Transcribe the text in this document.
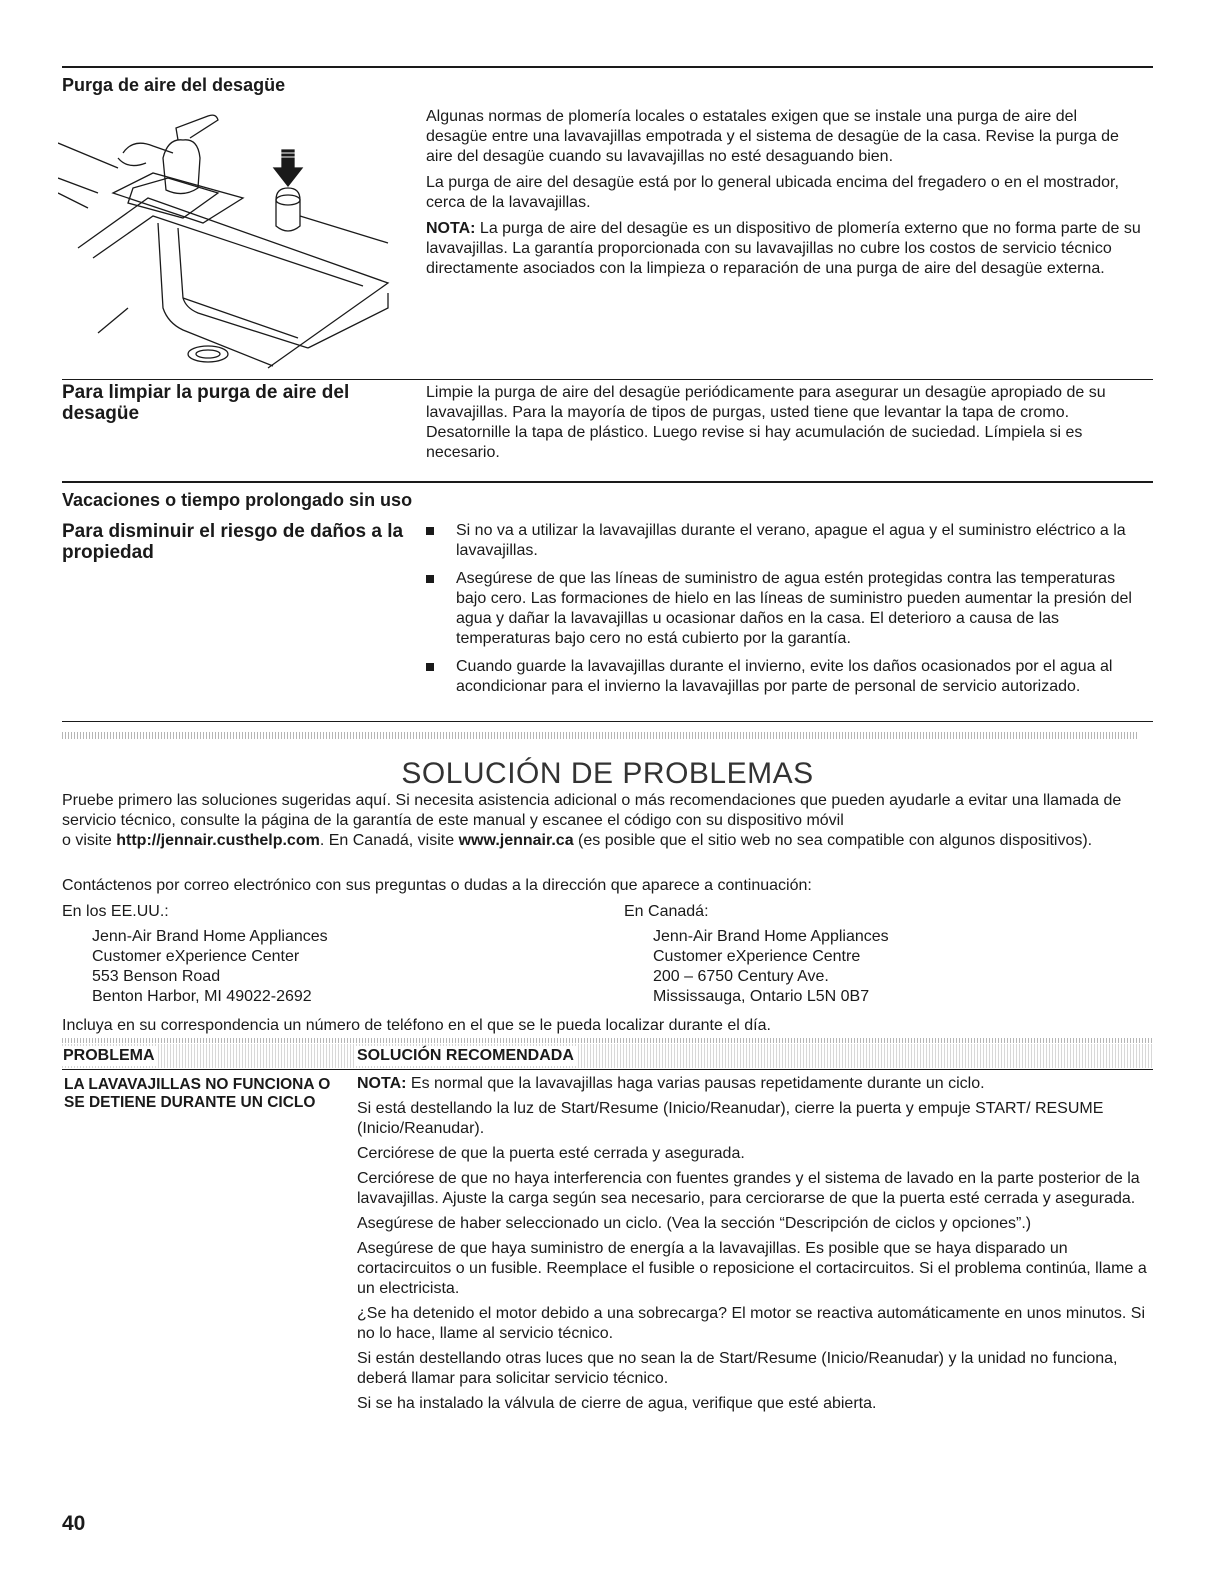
Purga de aire del desagüe

Algunas normas de plomería locales o estatales exigen que se instale una purga de aire del desagüe entre una lavavajillas empotrada y el sistema de desagüe de la casa. Revise la purga de aire del desagüe cuando su lavavajillas no esté desaguando bien.

La purga de aire del desagüe está por lo general ubicada encima del fregadero o en el mostrador, cerca de la lavavajillas.

NOTA: La purga de aire del desagüe es un dispositivo de plomería externo que no forma parte de su lavavajillas. La garantía proporcionada con su lavavajillas no cubre los costos de servicio técnico directamente asociados con la limpieza o reparación de una purga de aire del desagüe externa.

Para limpiar la purga de aire del desagüe

Limpie la purga de aire del desagüe periódicamente para asegurar un desagüe apropiado de su lavavajillas. Para la mayoría de tipos de purgas, usted tiene que levantar la tapa de cromo. Desatornille la tapa de plástico. Luego revise si hay acumulación de suciedad. Límpiela si es necesario.

Vacaciones o tiempo prolongado sin uso
Para disminuir el riesgo de daños a la propiedad
Si no va a utilizar la lavavajillas durante el verano, apague el agua y el suministro eléctrico a la lavavajillas.
Asegúrese de que las líneas de suministro de agua estén protegidas contra las temperaturas bajo cero. Las formaciones de hielo en las líneas de suministro pueden aumentar la presión del agua y dañar la lavavajillas u ocasionar daños en la casa. El deterioro a causa de las temperaturas bajo cero no está cubierto por la garantía.
Cuando guarde la lavavajillas durante el invierno, evite los daños ocasionados por el agua al acondicionar para el invierno la lavavajillas por parte de personal de servicio autorizado.
SOLUCIÓN DE PROBLEMAS

Pruebe primero las soluciones sugeridas aquí. Si necesita asistencia adicional o más recomendaciones que pueden ayudarle a evitar una llamada de servicio técnico, consulte la página de la garantía de este manual y escanee el código con su dispositivo móvil
o visite http://jennair.custhelp.com. En Canadá, visite www.jennair.ca (es posible que el sitio web no sea compatible con algunos dispositivos).

Contáctenos por correo electrónico con sus preguntas o dudas a la dirección que aparece a continuación:
En los EE.UU.:
Jenn-Air Brand Home Appliances
Customer eXperience Center
553 Benson Road
Benton Harbor, MI 49022-2692
En Canadá:
Jenn-Air Brand Home Appliances
Customer eXperience Centre
200 – 6750 Century Ave.
Mississauga, Ontario L5N 0B7
Incluya en su correspondencia un número de teléfono en el que se le pueda localizar durante el día.
PROBLEMA	SOLUCIÓN RECOMENDADA
LA LAVAVAJILLAS NO FUNCIONA O SE DETIENE DURANTE UN CICLO

NOTA: Es normal que la lavavajillas haga varias pausas repetidamente durante un ciclo.

Si está destellando la luz de Start/Resume (Inicio/Reanudar), cierre la puerta y empuje START/ RESUME (Inicio/Reanudar).

Cerciórese de que la puerta esté cerrada y asegurada.

Cerciórese de que no haya interferencia con fuentes grandes y el sistema de lavado en la parte posterior de la lavavajillas. Ajuste la carga según sea necesario, para cerciorarse de que la puerta esté cerrada y asegurada.

Asegúrese de haber seleccionado un ciclo. (Vea la sección “Descripción de ciclos y opciones”.)

Asegúrese de que haya suministro de energía a la lavavajillas. Es posible que se haya disparado un cortacircuitos o un fusible. Reemplace el fusible o reposicione el cortacircuitos. Si el problema continúa, llame a un electricista.

¿Se ha detenido el motor debido a una sobrecarga? El motor se reactiva automáticamente en unos minutos. Si no lo hace, llame al servicio técnico.

Si están destellando otras luces que no sean la de Start/Resume (Inicio/Reanudar) y la unidad no funciona, deberá llamar para solicitar servicio técnico.

Si se ha instalado la válvula de cierre de agua, verifique que esté abierta.

40
